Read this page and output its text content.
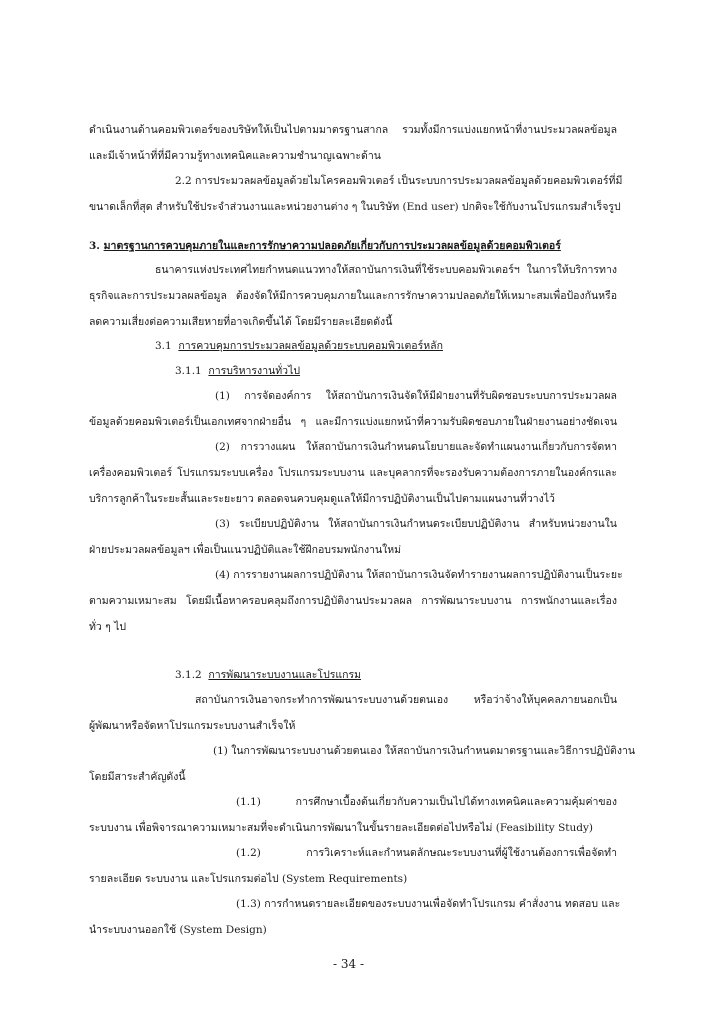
ดำเนินงานด้านคอมพิวเตอร์ของบริษัทให้เป็นไปตามมาตรฐานสากล รวมทั้งมีการแบ่งแยกหน้าที่งานประมวลผลข้อมูล
และมีเจ้าหน้าที่ที่มีความรู้ทางเทคนิคและความชำนาญเฉพาะด้าน
2.2 การประมวลผลข้อมูลด้วยไมโครคอมพิวเตอร์ เป็นระบบการประมวลผลข้อมูลด้วยคอมพิวเตอร์ที่มี
ขนาดเล็กที่สุด สำหรับใช้ประจำส่วนงานและหน่วยงานต่าง ๆ ในบริษัท (End user) ปกติจะใช้กับงานโปรแกรมสำเร็จรูป
3. มาตรฐานการควบคุมภายในและการรักษาความปลอดภัยเกี่ยวกับการประมวลผลข้อมูลด้วยคอมพิวเตอร์
ธนาคารแห่งประเทศไทยกำหนดแนวทางให้สถาบันการเงินที่ใช้ระบบคอมพิวเตอร์ฯ ในการให้บริการทาง
ธุรกิจและการประมวลผลข้อมูล ต้องจัดให้มีการควบคุมภายในและการรักษาความปลอดภัยให้เหมาะสมเพื่อป้องกันหรือ
ลดความเสี่ยงต่อความเสียหายที่อาจเกิดขึ้นได้ โดยมีรายละเอียดดังนี้
3.1 การควบคุมการประมวลผลข้อมูลด้วยระบบคอมพิวเตอร์หลัก
3.1.1 การบริหารงานทั่วไป
(1) การจัดองค์การ ให้สถาบันการเงินจัดให้มีฝ่ายงานที่รับผิดชอบระบบการประมวลผล
ข้อมูลด้วยคอมพิวเตอร์เป็นเอกเทศจากฝ่ายอื่น ๆ และมีการแบ่งแยกหน้าที่ความรับผิดชอบภายในฝ่ายงานอย่างชัดเจน
(2) การวางแผน ให้สถาบันการเงินกำหนดนโยบายและจัดทำแผนงานเกี่ยวกับการจัดหา
เครื่องคอมพิวเตอร์ โปรแกรมระบบเครื่อง โปรแกรมระบบงาน และบุคลากรที่จะรองรับความต้องการภายในองค์กรและ
บริการลูกค้าในระยะสั้นและระยะยาว ตลอดจนควบคุมดูแลให้มีการปฏิบัติงานเป็นไปตามแผนงานที่วางไว้
(3) ระเบียบปฏิบัติงาน ให้สถาบันการเงินกำหนดระเบียบปฏิบัติงาน สำหรับหน่วยงานใน
ฝ่ายประมวลผลข้อมูลฯ เพื่อเป็นแนวปฏิบัติและใช้ฝึกอบรมพนักงานใหม่
(4) การรายงานผลการปฏิบัติงาน ให้สถาบันการเงินจัดทำรายงานผลการปฏิบัติงานเป็นระยะ
ตามความเหมาะสม โดยมีเนื้อหาครอบคลุมถึงการปฏิบัติงานประมวลผล การพัฒนาระบบงาน การพนักงานและเรื่อง
ทั่ว ๆ ไป
3.1.2 การพัฒนาระบบงานและโปรแกรม
สถาบันการเงินอาจกระทำการพัฒนาระบบงานด้วยตนเอง หรือว่าจ้างให้บุคคลภายนอกเป็น
ผู้พัฒนาหรือจัดหาโปรแกรมระบบงานสำเร็จให้
(1) ในการพัฒนาระบบงานด้วยตนเอง ให้สถาบันการเงินกำหนดมาตรฐานและวิธีการปฏิบัติงาน
โดยมีสาระสำคัญดังนี้
(1.1) การศึกษาเบื้องต้นเกี่ยวกับความเป็นไปได้ทางเทคนิคและความคุ้มค่าของ
ระบบงาน เพื่อพิจารณาความเหมาะสมที่จะดำเนินการพัฒนาในขั้นรายละเอียดต่อไปหรือไม่ (Feasibility Study)
(1.2) การวิเคราะห์และกำหนดลักษณะระบบงานที่ผู้ใช้งานต้องการเพื่อจัดทำ
รายละเอียด ระบบงาน และโปรแกรมต่อไป (System Requirements)
(1.3) การกำหนดรายละเอียดของระบบงานเพื่อจัดทำโปรแกรม คำสั่งงาน ทดสอบ และ
นำระบบงานออกใช้ (System Design)
- 34 -
